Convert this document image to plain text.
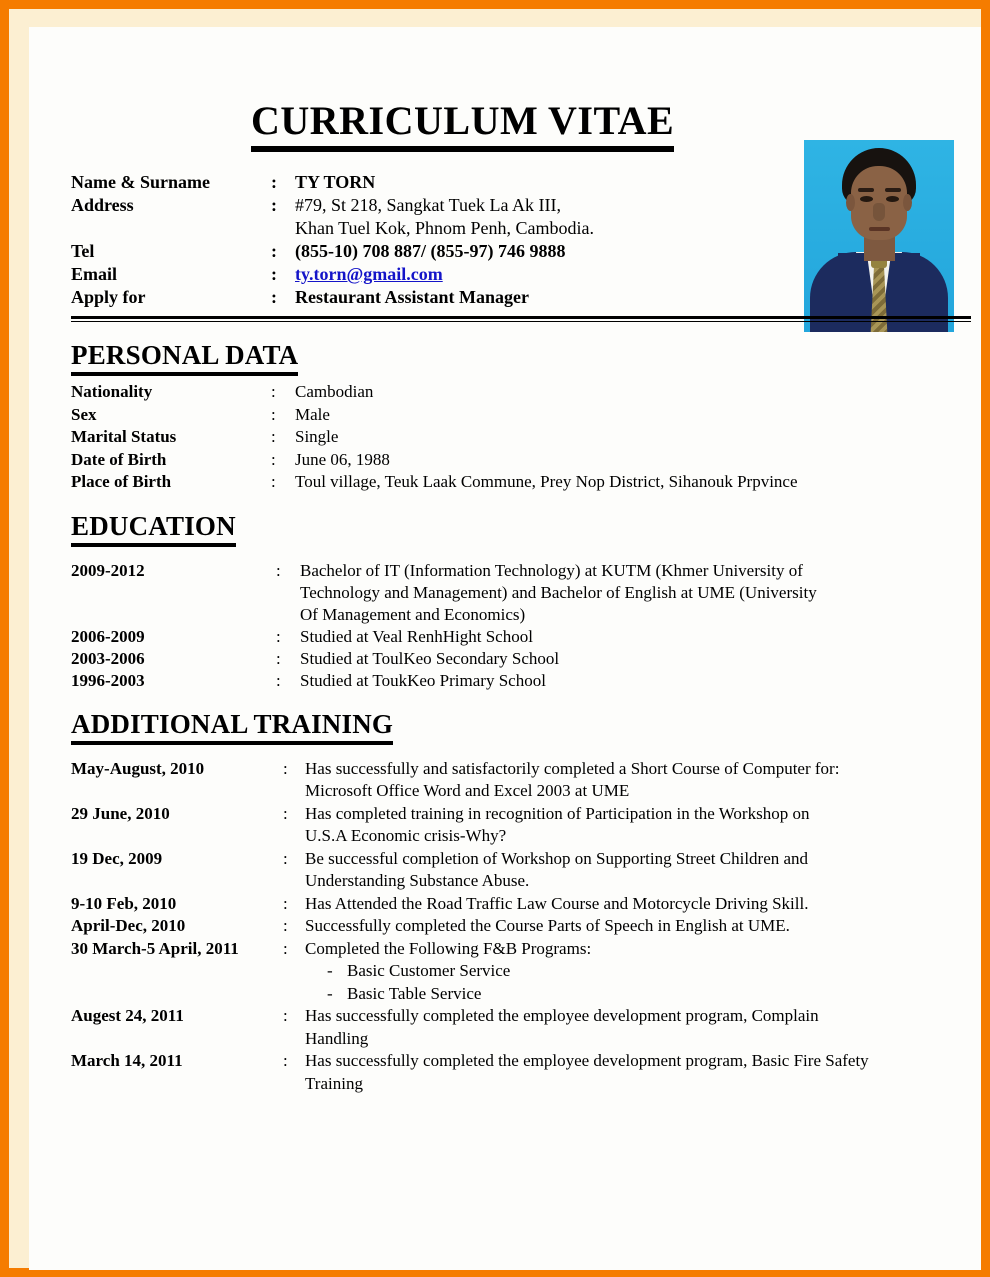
CURRICULUM VITAE
Name & Surname	:	TY TORN
Address	:	#79, St 218, Sangkat Tuek La Ak III,
Khan Tuel Kok, Phnom Penh, Cambodia.
Tel	:	(855-10) 708 887/ (855-97) 746 9888
Email	:	ty.torn@gmail.com
Apply for	:	Restaurant Assistant Manager
PERSONAL DATA
Nationality	:	Cambodian
Sex	:	Male
Marital Status	:	Single
Date of Birth	:	June 06, 1988
Place of Birth	:	Toul village, Teuk Laak Commune, Prey Nop District, Sihanouk Prpvince
EDUCATION
2009-2012	:	Bachelor of IT (Information Technology) at KUTM (Khmer University of
Technology and Management) and Bachelor of English at UME (University
Of Management and Economics)
2006-2009	:	Studied at Veal RenhHight School
2003-2006	:	Studied at ToulKeo Secondary School
1996-2003	:	Studied at ToukKeo Primary School
ADDITIONAL TRAINING
May-August, 2010	:	Has successfully and satisfactorily completed a Short Course of Computer for:
Microsoft Office Word and Excel 2003 at UME
29 June, 2010	:	Has completed training in recognition of Participation in the Workshop on
U.S.A Economic crisis-Why?
19 Dec, 2009	:	Be successful completion of Workshop on Supporting Street Children and
Understanding Substance Abuse.
9-10 Feb, 2010	:	Has Attended the Road Traffic Law Course and Motorcycle Driving Skill.
April-Dec, 2010	:	Successfully completed the Course Parts of Speech in English at UME.
30 March-5 April, 2011	:	Completed the Following F&B Programs:
- Basic Customer Service
- Basic Table Service
Augest 24, 2011	:	Has successfully completed the employee development program, Complain
Handling
March 14, 2011	:	Has successfully completed the employee development program, Basic Fire Safety
Training
